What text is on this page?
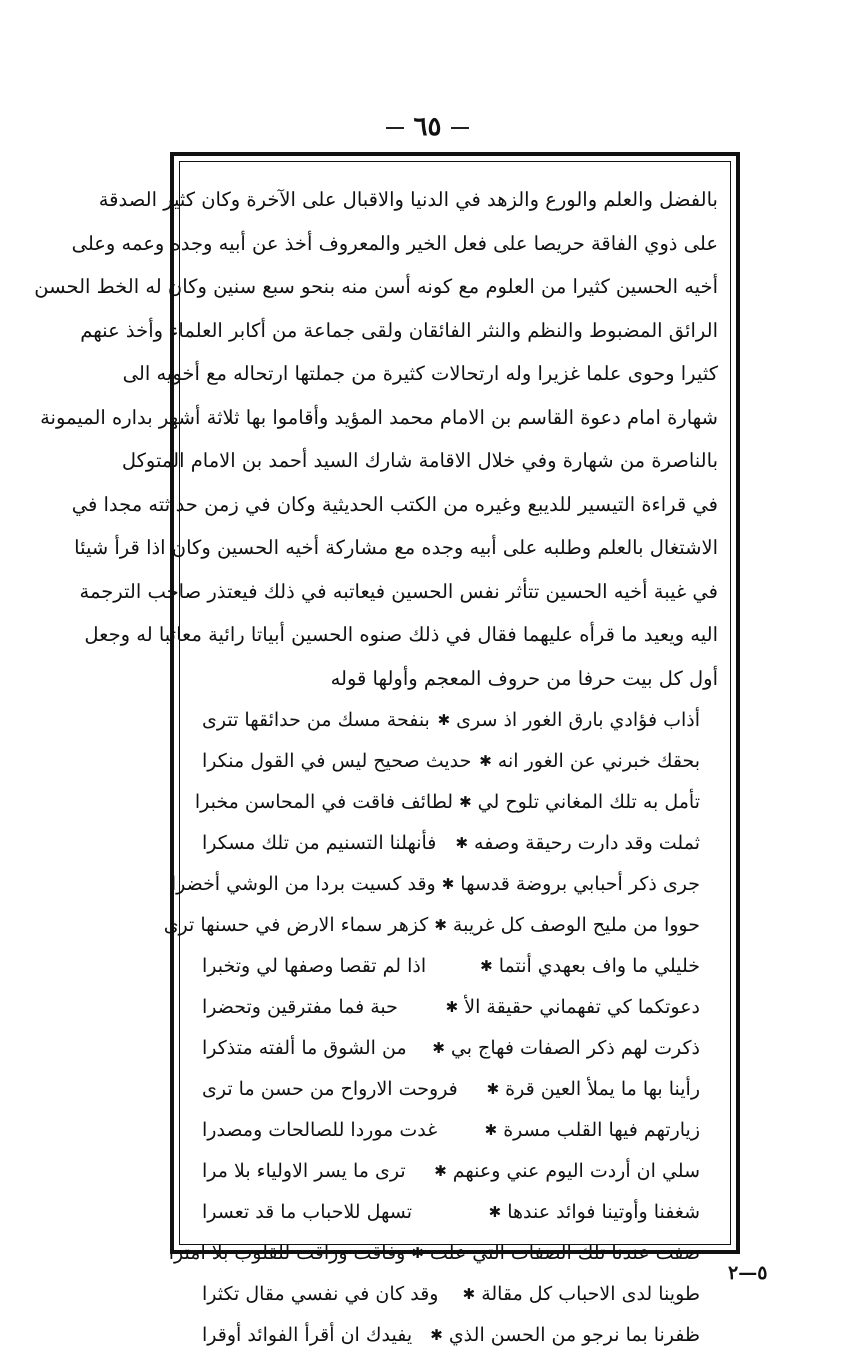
٦٥
بالفضل والعلم والورع والزهد في الدنيا والاقبال على الآخرة وكان كثير الصدقة
على ذوي الفاقة حريصا على فعل الخير والمعروف أخذ عن أبيه وجده وعمه وعلى
أخيه الحسين كثيرا من العلوم مع كونه أسن منه بنحو سبع سنين وكان له الخط الحسن
الرائق المضبوط والنظم والنثر الفائقان ولقى جماعة من أكابر العلماء وأخذ عنهم
كثيرا وحوى علما غزيرا وله ارتحالات كثيرة من جملتها ارتحاله مع أخويه الى
شهارة امام دعوة القاسم بن الامام محمد المؤيد وأقاموا بها ثلاثة أشهر بداره الميمونة
بالناصرة من شهارة وفي خلال الاقامة شارك السيد أحمد بن الامام المتوكل
في قراءة التيسير للديبع وغيره من الكتب الحديثية وكان في زمن حداثته مجدا في
الاشتغال بالعلم وطلبه على أبيه وجده مع مشاركة أخيه الحسين وكان اذا قرأ شيئا
في غيبة أخيه الحسين تتأثر نفس الحسين فيعاتبه في ذلك فيعتذر صاحب الترجمة
اليه ويعيد ما قرأه عليهما فقال في ذلك صنوه الحسين أبياتا رائية معاتبا له وجعل
أول كل بيت حرفا من حروف المعجم وأولها قوله
أذاب فؤادي بارق الغور اذ سرى
✱
بنفحة مسك من حدائقها تترى
بحقك خبرني عن الغور انه
✱
حديث صحيح ليس في القول منكرا
تأمل به تلك المغاني تلوح لي
✱
لطائف فاقت في المحاسن مخبرا
ثملت وقد دارت رحيقة وصفه
✱
فأنهلنا التسنيم من تلك مسكرا
جرى ذكر أحبابي بروضة قدسها
✱
وقد كسيت بردا من الوشي أخضرا
حووا من مليح الوصف كل غريبة
✱
كزهر سماء الارض في حسنها ترى
خليلي ما واف بعهدي أنتما
✱
اذا لم تقصا وصفها لي وتخبرا
دعوتكما كي تفهماني حقيقة الأ
✱
حبة فما مفترقين وتحضرا
ذكرت لهم ذكر الصفات فهاج بي
✱
من الشوق ما ألفته متذكرا
رأينا بها ما يملأ العين قرة
✱
فروحت الارواح من حسن ما ترى
زيارتهم فيها القلب مسرة
✱
غدت موردا للصالحات ومصدرا
سلي ان أردت اليوم عني وعنهم
✱
ترى ما يسر الاولياء بلا مرا
شغفنا وأوتينا فوائد عندها
✱
تسهل للاحباب ما قد تعسرا
صفت عندنا تلك الصفات التي علت
✱
وفاقت وراقت للقلوب بلا امترا
طوينا لدى الاحباب كل مقالة
✱
وقد كان في نفسي مقال تكثرا
ظفرنا بما نرجو من الحسن الذي
✱
يفيدك ان أقرأ الفوائد أوقرا
٥—٢
